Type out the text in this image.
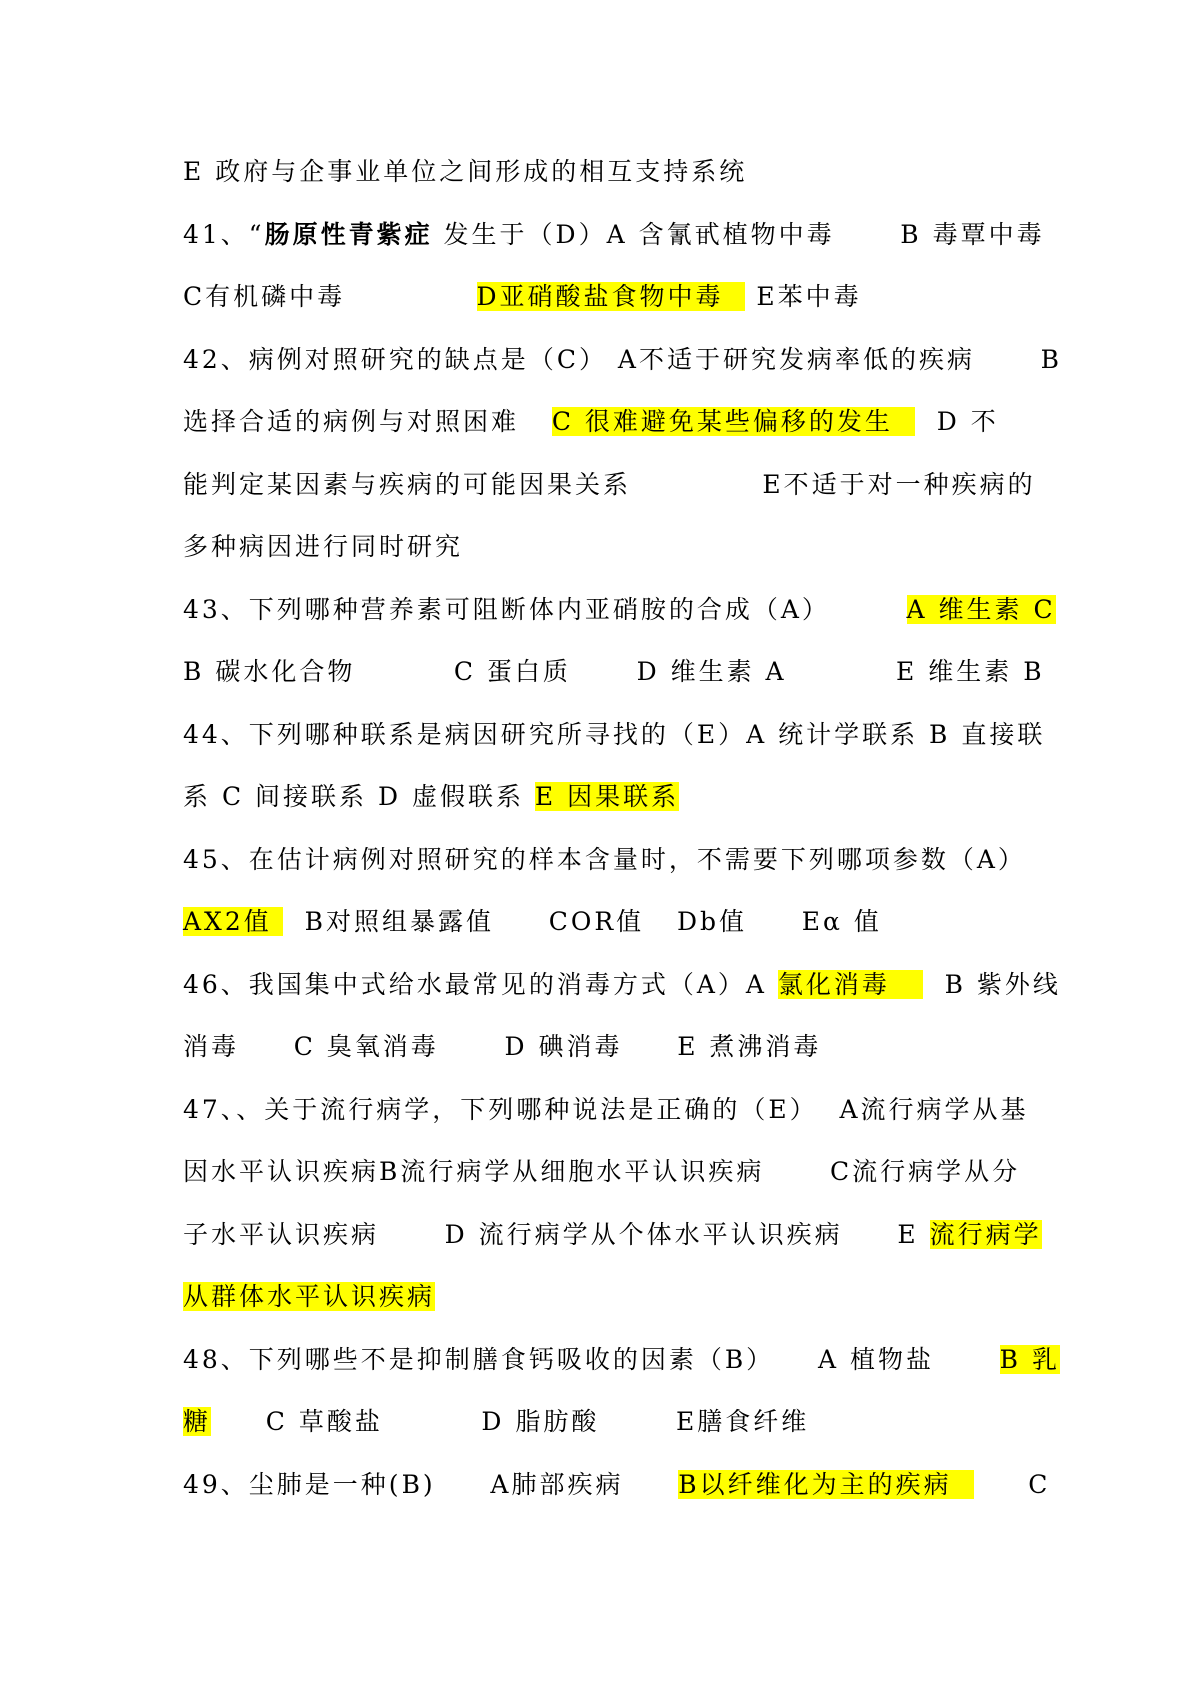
E 政府与企事业单位之间形成的相互支持系统
41、“肠原性青紫症 发生于（D）A 含氰甙植物中毒      B 毒覃中毒
C有机磷中毒            D亚硝酸盐食物中毒   E苯中毒
42、病例对照研究的缺点是（C） A不适于研究发病率低的疾病      B
选择合适的病例与对照困难   C 很难避免某些偏移的发生    D 不
能判定某因素与疾病的可能因果关系            E不适于对一种疾病的
多种病因进行同时研究
43、下列哪种营养素可阻断体内亚硝胺的合成（A）       A 维生素 C
B 碳水化合物         C 蛋白质      D 维生素 A          E 维生素 B
44、下列哪种联系是病因研究所寻找的（E）A 统计学联系 B 直接联
系 C 间接联系 D 虚假联系 E 因果联系
45、在估计病例对照研究的样本含量时，不需要下列哪项参数（A）
AX2值   B对照组暴露值     COR值   Db值     Eα 值
46、我国集中式给水最常见的消毒方式（A）A 氯化消毒     B 紫外线
消毒     C 臭氧消毒      D 碘消毒     E 煮沸消毒
47、、关于流行病学，下列哪种说法是正确的（E）  A流行病学从基
因水平认识疾病B流行病学从细胞水平认识疾病      C流行病学从分
子水平认识疾病      D 流行病学从个体水平认识疾病     E 流行病学
从群体水平认识疾病
48、下列哪些不是抑制膳食钙吸收的因素（B）    A 植物盐      B 乳
糖     C 草酸盐         D 脂肪酸       E膳食纤维
49、尘肺是一种(B)     A肺部疾病     B以纤维化为主的疾病       C
